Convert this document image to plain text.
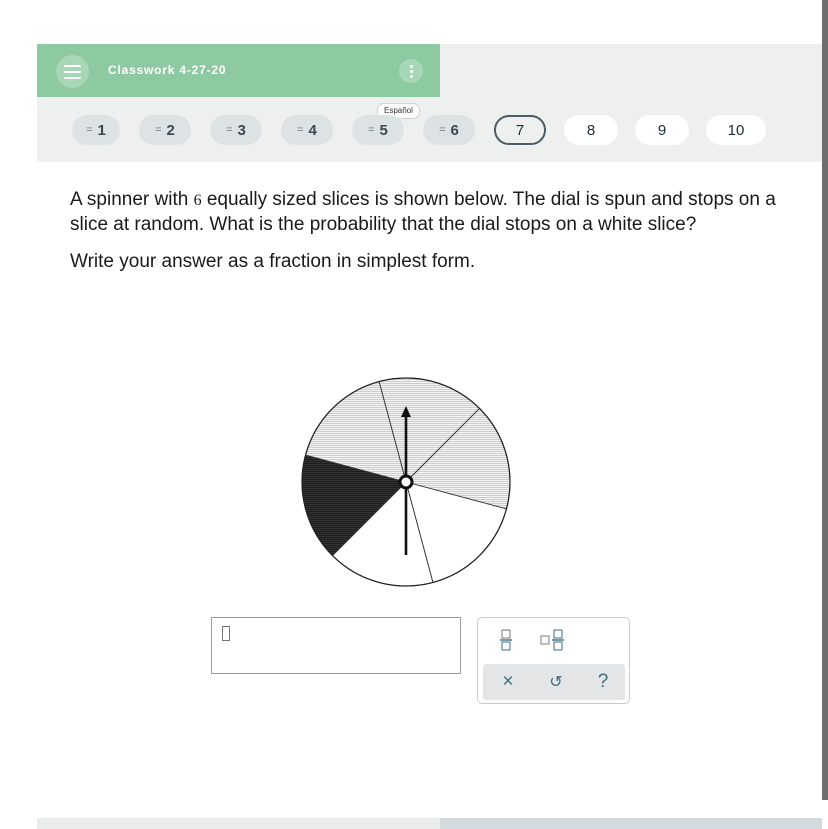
Classwork 4-27-20
Español
= 1	= 2	= 3	= 4	= 5	= 6	7	8	9	10

A spinner with 6 equally sized slices is shown below. The dial is spun and stops on a slice at random. What is the probability that the dial stops on a white slice?

Write your answer as a fraction in simplest form.

×	↺	?
